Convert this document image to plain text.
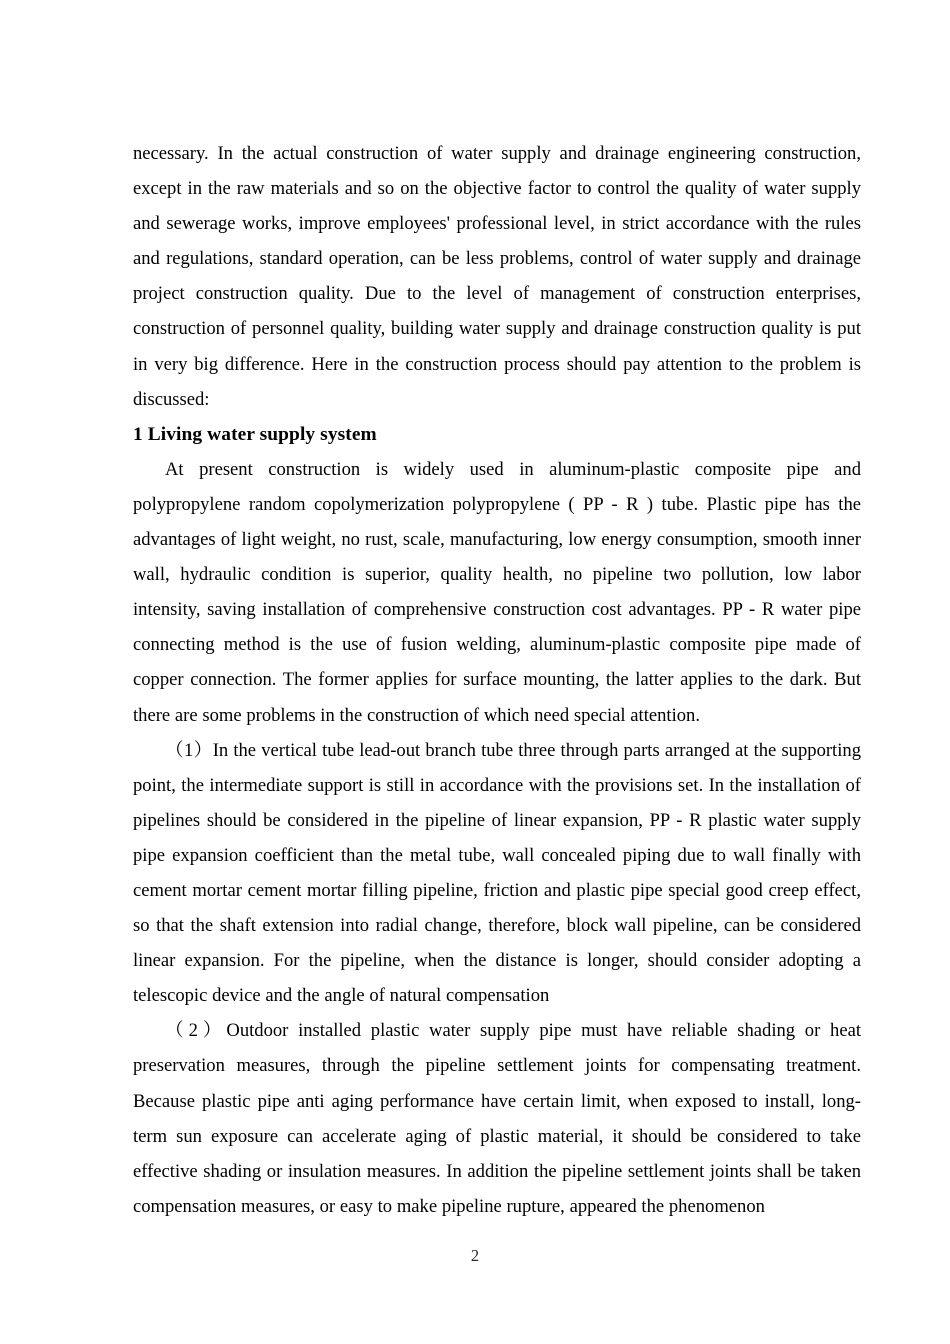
necessary. In the actual construction of water supply and drainage engineering construction, except in the raw materials and so on the objective factor to control the quality of water supply and sewerage works, improve employees' professional level, in strict accordance with the rules and regulations, standard operation, can be less problems, control of water supply and drainage project construction quality. Due to the level of management of construction enterprises, construction of personnel quality, building water supply and drainage construction quality is put in very big difference. Here in the construction process should pay attention to the problem is discussed:

1 Living water supply system

At present construction is widely used in aluminum-plastic composite pipe and polypropylene random copolymerization polypropylene ( PP - R ) tube. Plastic pipe has the advantages of light weight, no rust, scale, manufacturing, low energy consumption, smooth inner wall, hydraulic condition is superior, quality health, no pipeline two pollution, low labor intensity, saving installation of comprehensive construction cost advantages. PP - R water pipe connecting method is the use of fusion welding, aluminum-plastic composite pipe made of copper connection. The former applies for surface mounting, the latter applies to the dark. But there are some problems in the construction of which need special attention.

（1）In the vertical tube lead-out branch tube three through parts arranged at the supporting point, the intermediate support is still in accordance with the provisions set. In the installation of pipelines should be considered in the pipeline of linear expansion, PP - R plastic water supply pipe expansion coefficient than the metal tube, wall concealed piping due to wall finally with cement mortar cement mortar filling pipeline, friction and plastic pipe special good creep effect, so that the shaft extension into radial change, therefore, block wall pipeline, can be considered linear expansion. For the pipeline, when the distance is longer, should consider adopting a telescopic device and the angle of natural compensation

（2）Outdoor installed plastic water supply pipe must have reliable shading or heat preservation measures, through the pipeline settlement joints for compensating treatment. Because plastic pipe anti aging performance have certain limit, when exposed to install, long-term sun exposure can accelerate aging of plastic material, it should be considered to take effective shading or insulation measures. In addition the pipeline settlement joints shall be taken compensation measures, or easy to make pipeline rupture, appeared the phenomenon

2
